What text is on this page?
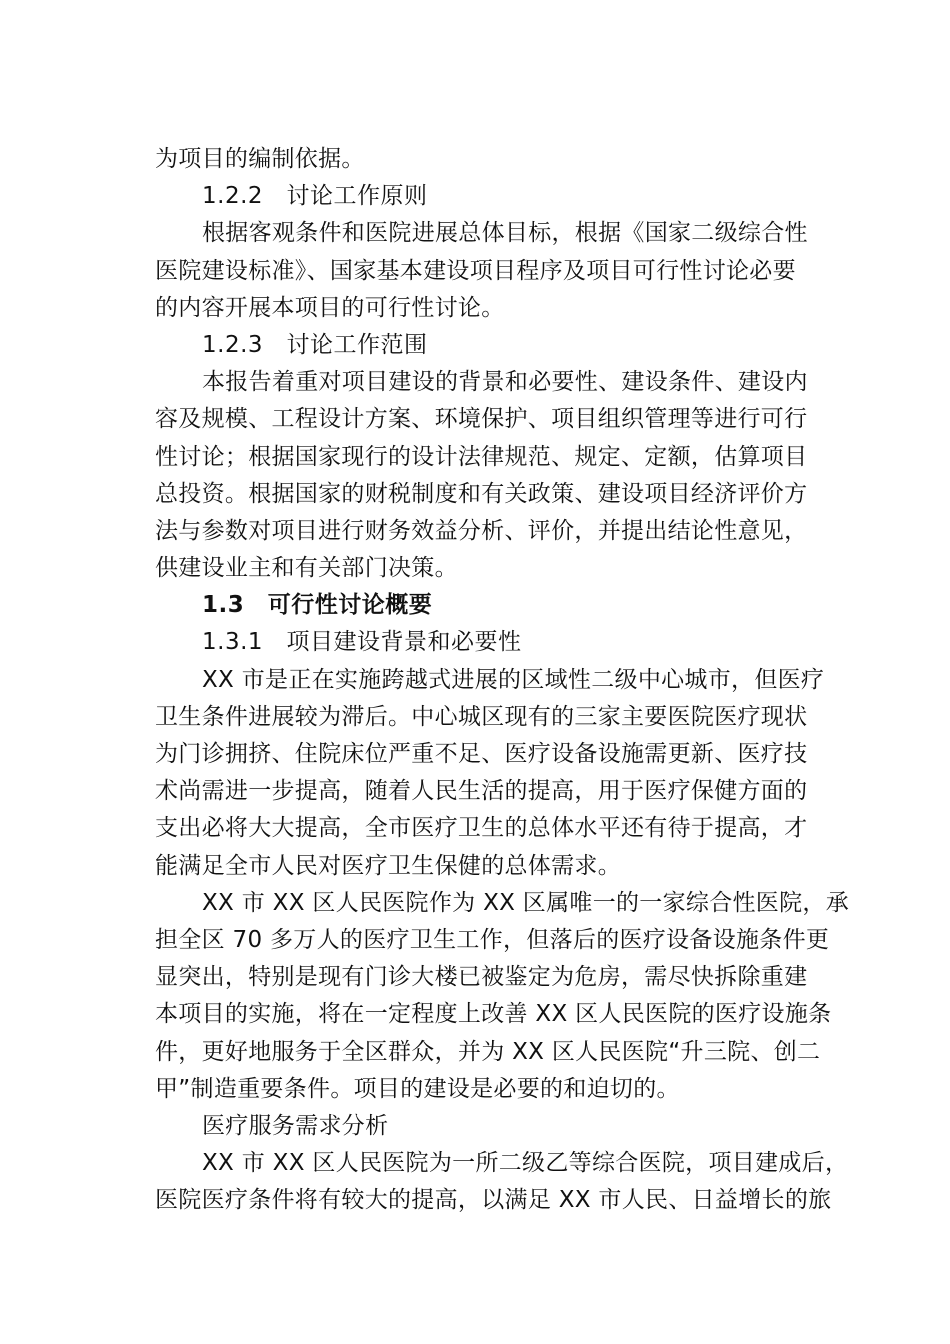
为项目的编制依据。
1.2.2　讨论工作原则
根据客观条件和医院进展总体目标，根据《国家二级综合性
医院建设标准》、国家基本建设项目程序及项目可行性讨论必要
的内容开展本项目的可行性讨论。
1.2.3　讨论工作范围
本报告着重对项目建设的背景和必要性、建设条件、建设内
容及规模、工程设计方案、环境保护、项目组织管理等进行可行
性讨论；根据国家现行的设计法律规范、规定、定额，估算项目
总投资。根据国家的财税制度和有关政策、建设项目经济评价方
法与参数对项目进行财务效益分析、评价，并提出结论性意见，
供建设业主和有关部门决策。
1.3　可行性讨论概要
1.3.1　项目建设背景和必要性
XX 市是正在实施跨越式进展的区域性二级中心城市，但医疗
卫生条件进展较为滞后。中心城区现有的三家主要医院医疗现状
为门诊拥挤、住院床位严重不足、医疗设备设施需更新、医疗技
术尚需进一步提高，随着人民生活的提高，用于医疗保健方面的
支出必将大大提高，全市医疗卫生的总体水平还有待于提高，才
能满足全市人民对医疗卫生保健的总体需求。
XX 市 XX 区人民医院作为 XX 区属唯一的一家综合性医院，承
担全区 70 多万人的医疗卫生工作，但落后的医疗设备设施条件更
显突出，特别是现有门诊大楼已被鉴定为危房，需尽快拆除重建
本项目的实施，将在一定程度上改善 XX 区人民医院的医疗设施条
件，更好地服务于全区群众，并为 XX 区人民医院“升三院、创二
甲”制造重要条件。项目的建设是必要的和迫切的。
医疗服务需求分析
XX 市 XX 区人民医院为一所二级乙等综合医院，项目建成后，
医院医疗条件将有较大的提高，以满足 XX 市人民、日益增长的旅
